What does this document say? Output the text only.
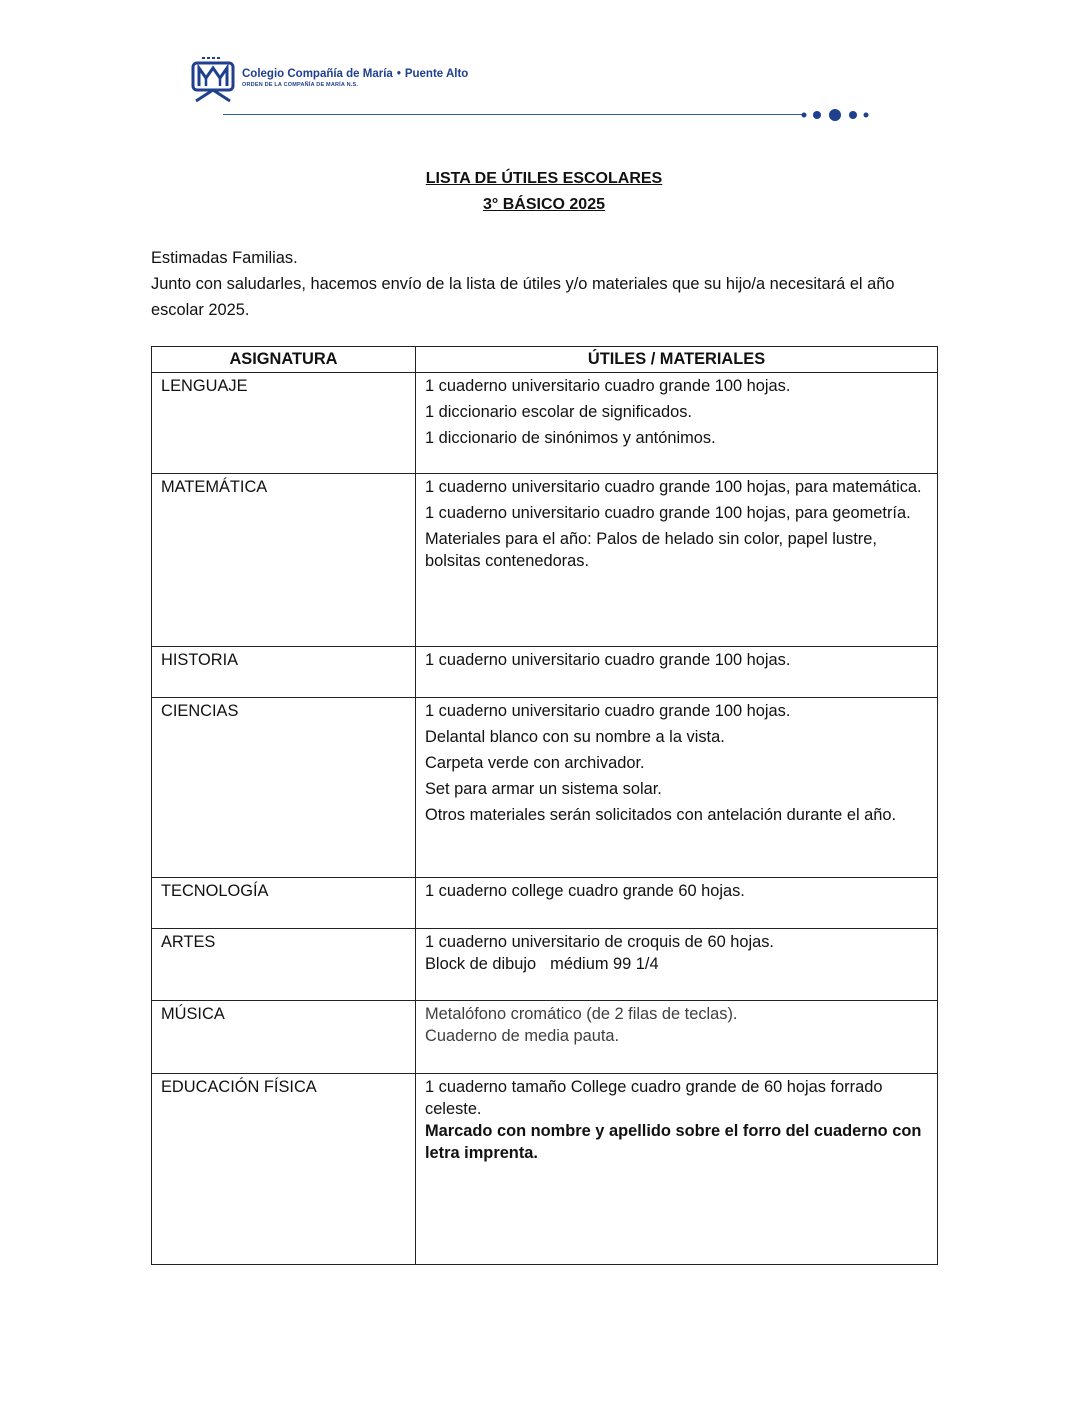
Colegio Compañía de María • Puente Alto
ORDEN DE LA COMPAÑÍA DE MARÍA N.S.
LISTA DE ÚTILES ESCOLARES
3° BÁSICO 2025

Estimadas Familias.

Junto con saludarles, hacemos envío de la lista de útiles y/o materiales que su hijo/a necesitará el año escolar 2025.

ASIGNATURA	ÚTILES / MATERIALES
LENGUAJE	1 cuaderno universitario cuadro grande 100 hojas.
1 diccionario escolar de significados.
1 diccionario de sinónimos y antónimos.

MATEMÁTICA	1 cuaderno universitario cuadro grande 100 hojas, para matemática.
1 cuaderno universitario cuadro grande 100 hojas, para geometría.
Materiales para el año: Palos de helado sin color, papel lustre, bolsitas contenedoras.

HISTORIA	1 cuaderno universitario cuadro grande 100 hojas.

CIENCIAS	1 cuaderno universitario cuadro grande 100 hojas.
Delantal blanco con su nombre a la vista.
Carpeta verde con archivador.
Set para armar un sistema solar.
Otros materiales serán solicitados con antelación durante el año.

TECNOLOGÍA	1 cuaderno college cuadro grande 60 hojas.

ARTES	1 cuaderno universitario de croquis de 60 hojas.
Block de dibujo médium 99 1/4

MÚSICA	Metalófono cromático (de 2 filas de teclas).
Cuaderno de media pauta.

EDUCACIÓN FÍSICA	1 cuaderno tamaño College cuadro grande de 60 hojas forrado celeste.
Marcado con nombre y apellido sobre el forro del cuaderno con letra imprenta.
